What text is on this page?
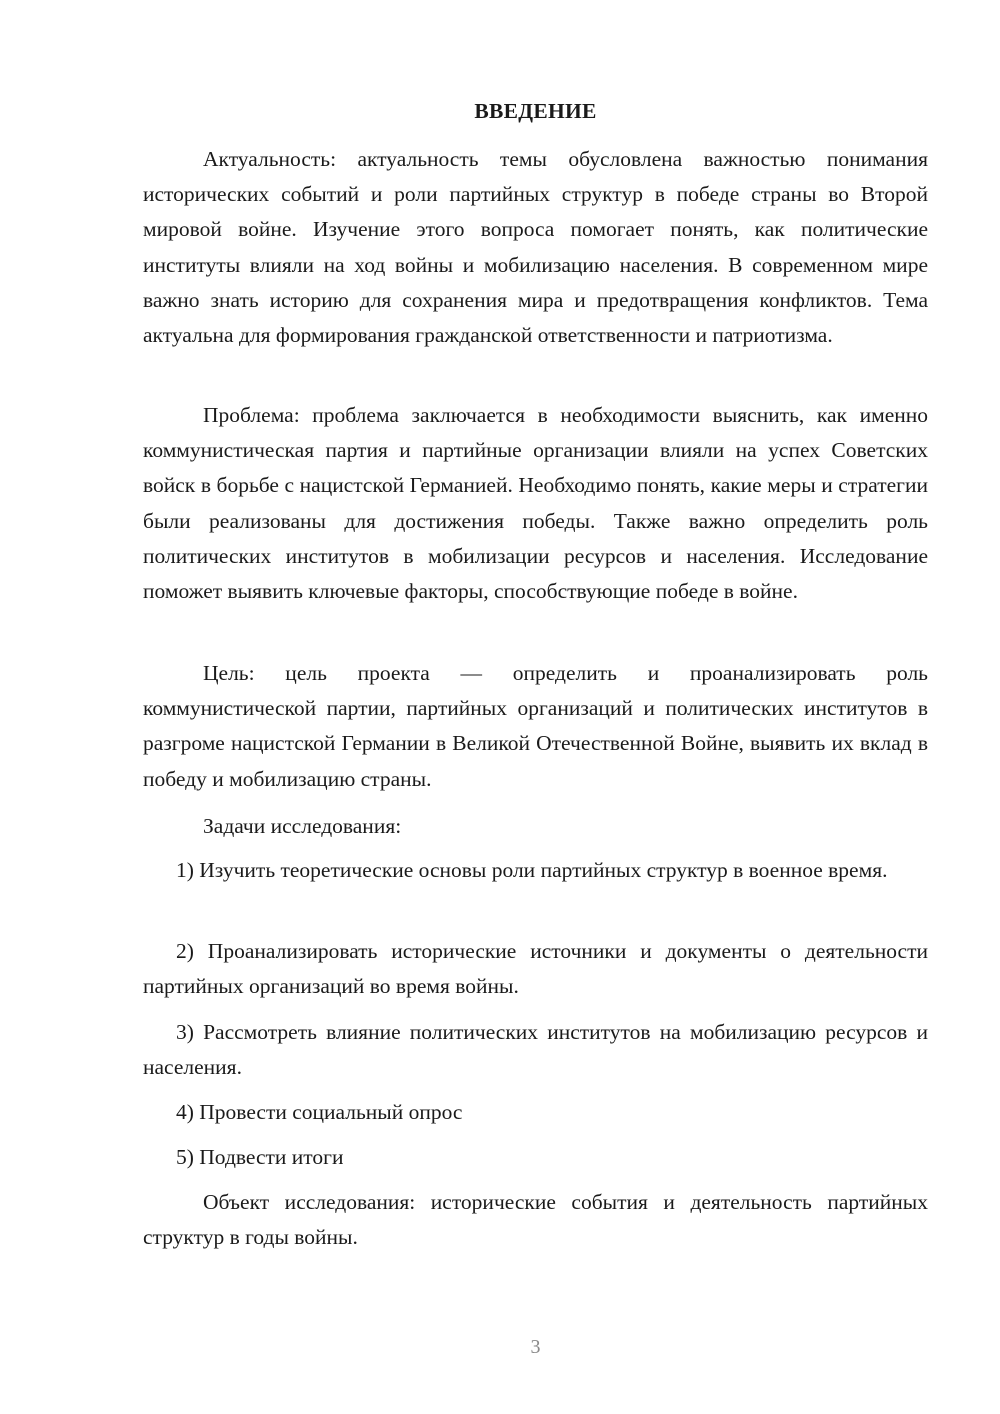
ВВЕДЕНИЕ

Актуальность: актуальность темы обусловлена важностью понимания исторических событий и роли партийных структур в победе страны во Второй мировой войне. Изучение этого вопроса помогает понять, как политические институты влияли на ход войны и мобилизацию населения. В современном мире важно знать историю для сохранения мира и предотвращения конфликтов. Тема актуальна для формирования гражданской ответственности и патриотизма.

Проблема: проблема заключается в необходимости выяснить, как именно коммунистическая партия и партийные организации влияли на успех Советских войск в борьбе с нацистской Германией. Необходимо понять, какие меры и стратегии были реализованы для достижения победы. Также важно определить роль политических институтов в мобилизации ресурсов и населения. Исследование поможет выявить ключевые факторы, способствующие победе в войне.

Цель: цель проекта — определить и проанализировать роль коммунистической партии, партийных организаций и политических институтов в разгроме нацистской Германии в Великой Отечественной Войне, выявить их вклад в победу и мобилизацию страны.

Задачи исследования:

1) Изучить теоретические основы роли партийных структур в военное время.

2) Проанализировать исторические источники и документы о деятельности партийных организаций во время войны.

3) Рассмотреть влияние политических институтов на мобилизацию ресурсов и населения.

4) Провести социальный опрос

5) Подвести итоги

Объект исследования: исторические события и деятельность партийных структур в годы войны.

3
